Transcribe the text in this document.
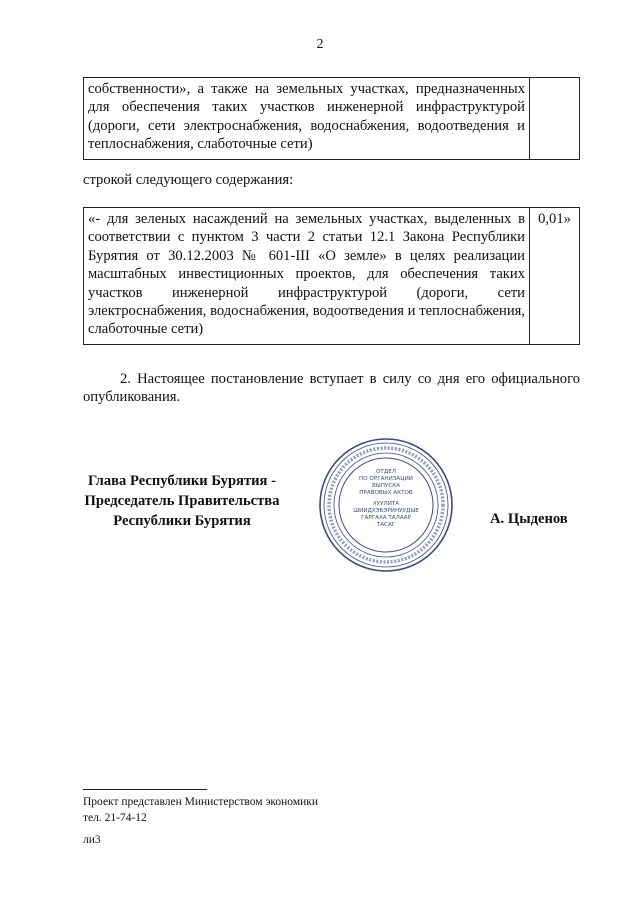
2
собственности», а также на земельных участках, предназначенных для обеспечения таких участков инженерной инфраструктурой (дороги, сети электроснабжения, водоснабжения, водоотведения и теплоснабжения, слаботочные сети)	
строкой следующего содержания:
«- для зеленых насаждений на земельных участках, выделенных в соответствии с пунктом 3 части 2 статьи 12.1 Закона Республики Бурятия от 30.12.2003 № 601-III «О земле» в целях реализации масштабных инвестиционных проектов, для обеспечения таких участков инженерной инфраструктурой (дороги, сети электроснабжения, водоснабжения, водоотведения и теплоснабжения, слаботочные сети)	0,01»
2. Настоящее постановление вступает в силу со дня его официального опубликования.
Глава Республики Бурятия -
Председатель Правительства
Республики Бурятия
ОТДЕЛ
ПО ОРГАНИЗАЦИИ
ВЫПУСКА
ПРАВОВЫХ АКТОВ
ХУУЛИТА
ШИИДХЭБЭРИНУУДЫЕ
ГАРГАХА ТАЛААР
ТАСАГ	А. Цыденов
Проект представлен Министерством экономики
тел. 21-74-12
ли3
